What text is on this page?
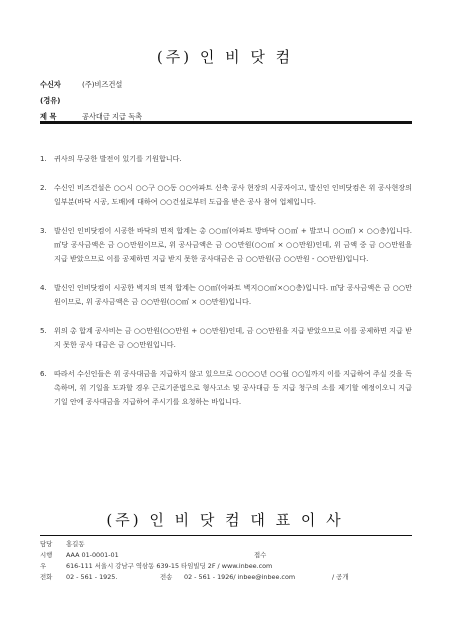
(주) 인 비 닷 컴
수신자	(주)비즈건설
(경유)
제 목	공사대금 지급 독촉
1.	귀사의 무궁한 발전이 있기를 기원합니다.
2.	수신인 비즈건설은 ○○시 ○○구 ○○동 ○○아파트 신축 공사 현장의 시공자이고, 발신인 인비닷컴은 위 공사현장의 일부분(바닥 시공, 도배)에 대하여 ○○건설로부터 도급을 받은 공사 참여 업체입니다.
3.	발신인 인비닷컴이 시공한 바닥의 면적 합계는 총 ○○㎡(아파트 방바닥 ○○㎡ + 발코니 ○○㎡) × ○○층)입니다. ㎡당 공사금액은 금 ○○만원이므로, 위 공사금액은 금 ○○만원(○○㎡ × ○○만원)인데, 위 금액 중 금 ○○만원을 지급 받았으므로 이를 공제하면 지급 받지 못한 공사대금은 금 ○○만원(금 ○○만원 - ○○만원)입니다.
4.	발신인 인비닷컴이 시공한 벽지의 면적 합계는 ○○㎡(아파트 벽지○○㎡×○○층)입니다. ㎡당 공사금액은 금 ○○만원이므로, 위 공사금액은 금 ○○만원(○○㎡ × ○○만원)입니다.
5.	위의 총 합계 공사비는 금 ○○만원(○○만원 + ○○만원)인데, 금 ○○만원을 지급 받았으므로 이를 공제하면 지급 받지 못한 공사 대금은 금 ○○만원입니다.
6.	따라서 수신인들은 위 공사대금을 지급하지 않고 있으므로 ○○○○년 ○○월 ○○일까지 이를 지급하여 주실 것을 독촉하며, 위 기일을 도과할 경우 근로기준법으로 형사고소 및 공사대금 등 지급 청구의 소를 제기할 예정이오니 지급기일 안에 공사대금을 지급하여 주시기를 요청하는 바입니다.
(주) 인 비 닷 컴 대 표 이 사
담당	홍길동
시행	AAA 01-0001-01	접수
우	616-111 서울시 강남구 역삼동 639-15 타임빌딩 2F / www.inbee.com
전화	02 - 561 - 1925.	전송	02 - 561 - 1926/ inbee@inbee.com	/ 공개
